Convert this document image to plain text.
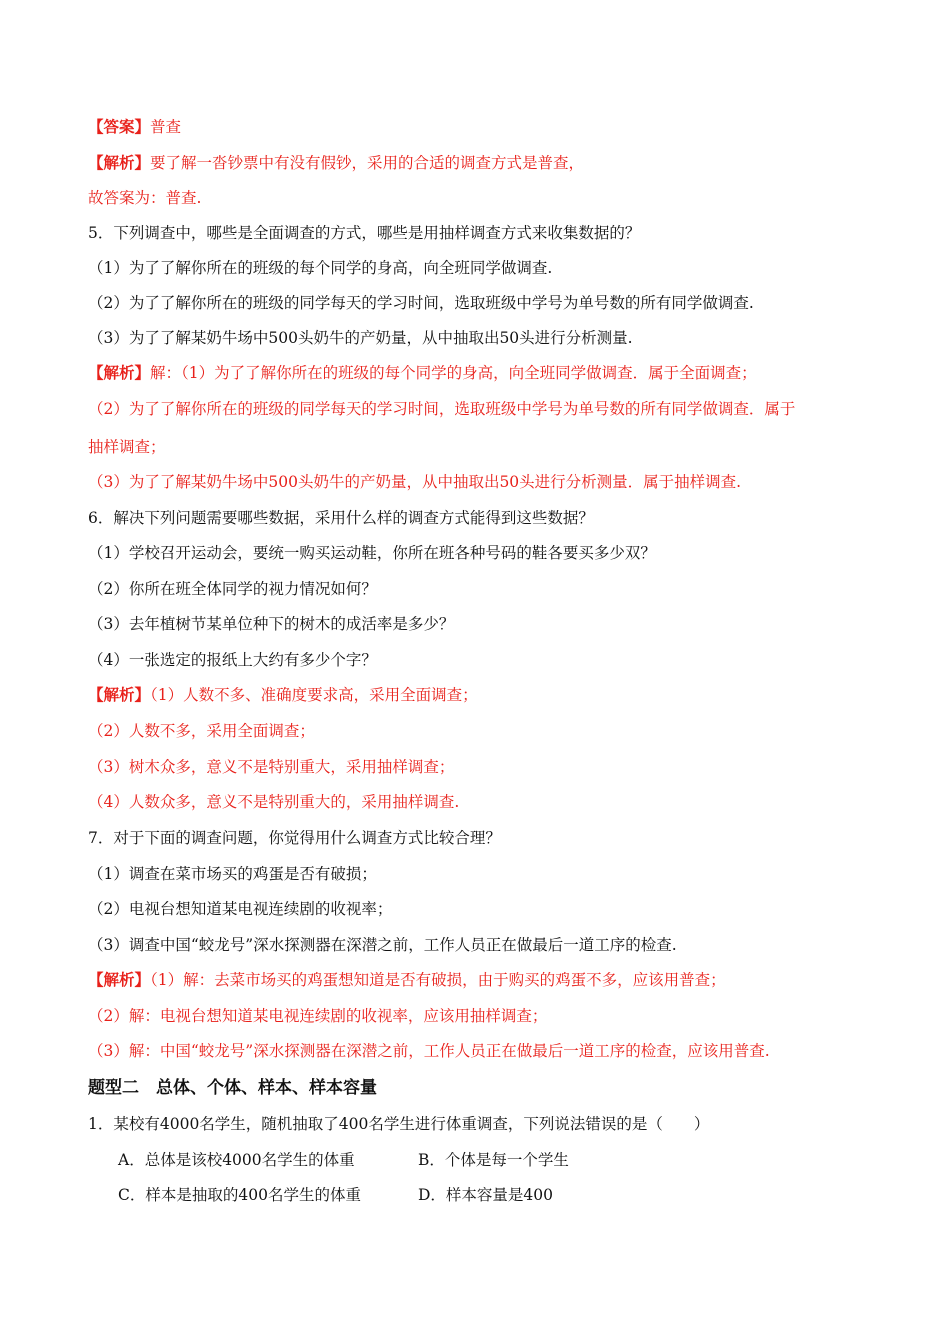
【答案】普查
【解析】要了解一沓钞票中有没有假钞，采用的合适的调查方式是普查，
故答案为：普查.
5．下列调查中，哪些是全面调查的方式，哪些是用抽样调查方式来收集数据的？
（1）为了了解你所在的班级的每个同学的身高，向全班同学做调查.
（2）为了了解你所在的班级的同学每天的学习时间，选取班级中学号为单号数的所有同学做调查.
（3）为了了解某奶牛场中500头奶牛的产奶量，从中抽取出50头进行分析测量.
【解析】解：（1）为了了解你所在的班级的每个同学的身高，向全班同学做调查．属于全面调查；
（2）为了了解你所在的班级的同学每天的学习时间，选取班级中学号为单号数的所有同学做调查．属于
抽样调查；
（3）为了了解某奶牛场中500头奶牛的产奶量，从中抽取出50头进行分析测量．属于抽样调查.
6．解决下列问题需要哪些数据，采用什么样的调查方式能得到这些数据？
（1）学校召开运动会，要统一购买运动鞋，你所在班各种号码的鞋各要买多少双？
（2）你所在班全体同学的视力情况如何？
（3）去年植树节某单位种下的树木的成活率是多少？
（4）一张选定的报纸上大约有多少个字？
【解析】（1）人数不多、准确度要求高，采用全面调查；
（2）人数不多，采用全面调查；
（3）树木众多，意义不是特别重大，采用抽样调查；
（4）人数众多，意义不是特别重大的，采用抽样调查.
7．对于下面的调查问题，你觉得用什么调查方式比较合理？
（1）调查在菜市场买的鸡蛋是否有破损；
（2）电视台想知道某电视连续剧的收视率；
（3）调查中国“蛟龙号”深水探测器在深潜之前，工作人员正在做最后一道工序的检查.
【解析】（1）解：去菜市场买的鸡蛋想知道是否有破损，由于购买的鸡蛋不多，应该用普查；
（2）解：电视台想知道某电视连续剧的收视率，应该用抽样调查；
（3）解：中国“蛟龙号”深水探测器在深潜之前，工作人员正在做最后一道工序的检查，应该用普查.
题型二　总体、个体、样本、样本容量
1．某校有4000名学生，随机抽取了400名学生进行体重调查，下列说法错误的是（　　）
A．总体是该校4000名学生的体重	B．个体是每一个学生
C．样本是抽取的400名学生的体重	D．样本容量是400
